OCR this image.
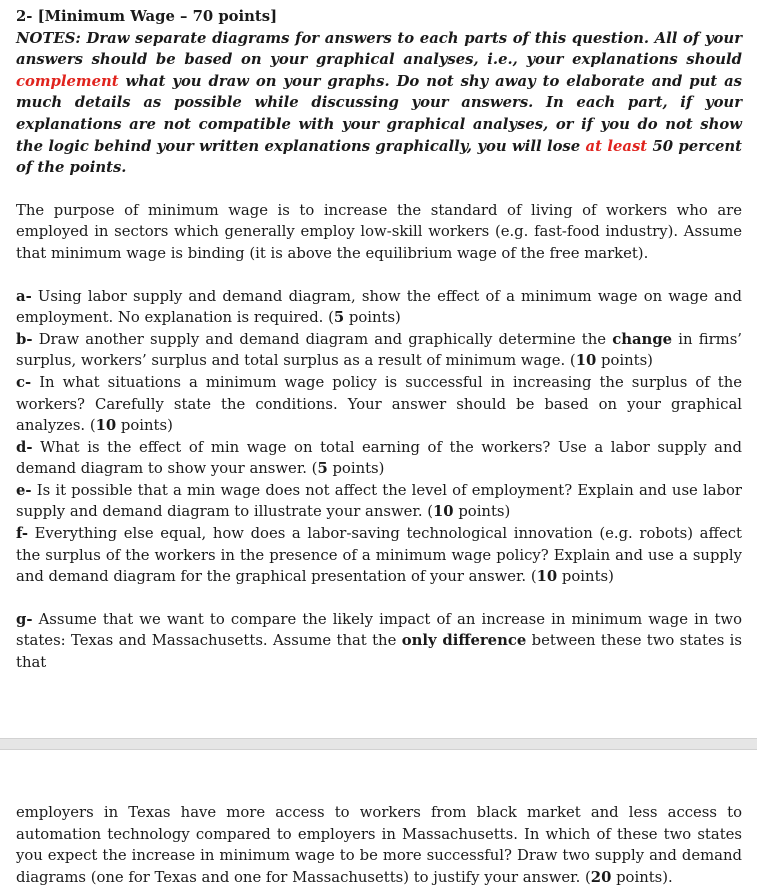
2- [Minimum Wage – 70 points]

NOTES: Draw separate diagrams for answers to each parts of this question. All of your answers should be based on your graphical analyses, i.e., your explanations should complement what you draw on your graphs. Do not shy away to elaborate and put as much details as possible while discussing your answers. In each part, if your explanations are not compatible with your graphical analyses, or if you do not show the logic behind your written explanations graphically, you will lose at least 50 percent of the points.

The purpose of minimum wage is to increase the standard of living of workers who are employed in sectors which generally employ low-skill workers (e.g. fast-food industry). Assume that minimum wage is binding (it is above the equilibrium wage of the free market).

a- Using labor supply and demand diagram, show the effect of a minimum wage on wage and employment. No explanation is required. (5 points)

b- Draw another supply and demand diagram and graphically determine the change in firms’ surplus, workers’ surplus and total surplus as a result of minimum wage. (10 points)

c- In what situations a minimum wage policy is successful in increasing the surplus of the workers? Carefully state the conditions. Your answer should be based on your graphical analyzes. (10 points)

d- What is the effect of min wage on total earning of the workers? Use a labor supply and demand diagram to show your answer. (5 points)

e- Is it possible that a min wage does not affect the level of employment? Explain and use labor supply and demand diagram to illustrate your answer. (10 points)

f- Everything else equal, how does a labor-saving technological innovation (e.g. robots) affect the surplus of the workers in the presence of a minimum wage policy? Explain and use a supply and demand diagram for the graphical presentation of your answer. (10 points)

g- Assume that we want to compare the likely impact of an increase in minimum wage in two states: Texas and Massachusetts. Assume that the only difference between these two states is that

employers in Texas have more access to workers from black market and less access to automation technology compared to employers in Massachusetts. In which of these two states you expect the increase in minimum wage to be more successful? Draw two supply and demand diagrams (one for Texas and one for Massachusetts) to justify your answer. (20 points).
